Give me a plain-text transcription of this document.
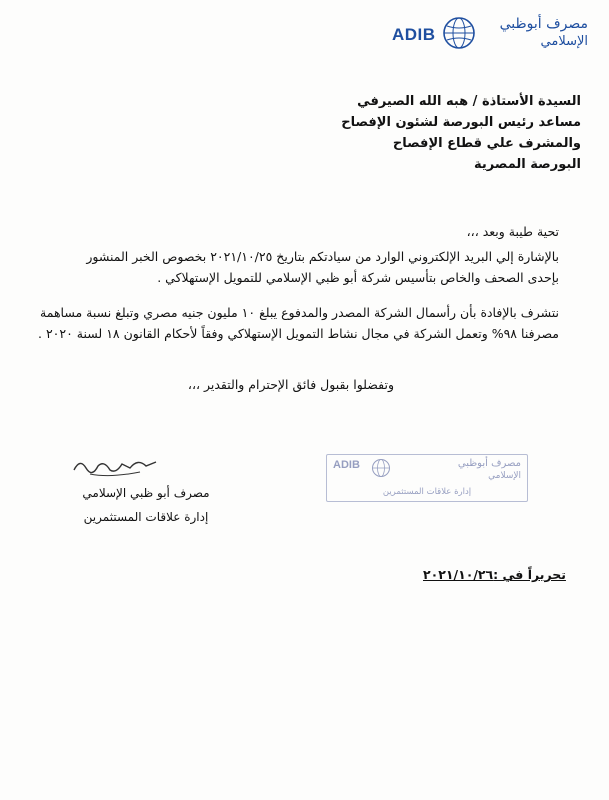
ADIB
مصرف أبوظبي
الإسلامي
السيدة الأستاذة / هبه الله الصيرفي
مساعد رئيس البورصة لشئون الإفصاح
والمشرف علي قطاع الإفصاح
البورصة المصرية
تحية طيبة وبعد ،،،
بالإشارة إلي البريد الإلكتروني الوارد من سيادتكم بتاريخ ٢٠٢١/١٠/٢٥ بخصوص الخبر المنشور
بإحدى الصحف والخاص بتأسيس شركة أبو ظبي الإسلامي للتمويل الإستهلاكي .
نتشرف بالإفادة بأن رأسمال الشركة المصدر والمدفوع يبلغ ١٠ مليون جنيه مصري وتبلغ نسبة مساهمة
مصرفنا ٩٨% وتعمل الشركة في مجال نشاط التمويل الإستهلاكي وفقاً لأحكام القانون ١٨ لسنة ٢٠٢٠ .
وتفضلوا بقبول فائق الإحترام والتقدير ،،،
مصرف أبو ظبي الإسلامي
إدارة علاقات المستثمرين
ADIB	مصرف أبوظبي
الإسلامي
إدارة علاقات المستثمرين
تحريراً في :٢٠٢١/١٠/٢٦
